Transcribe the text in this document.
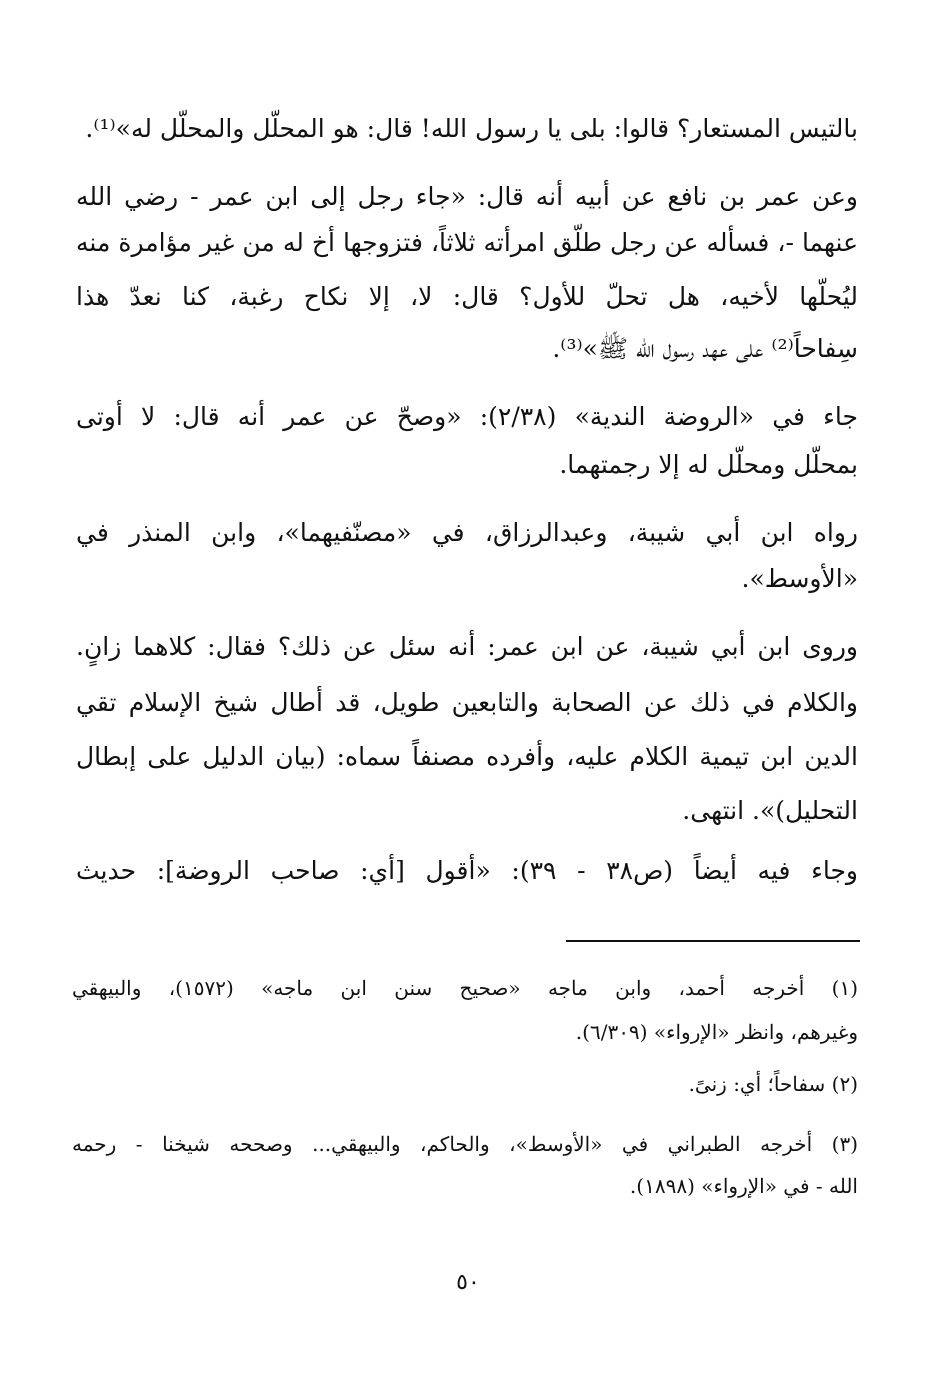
بالتيس المستعار؟ قالوا: بلى يا رسول الله! قال: هو المحلّل والمحلّل له»⁽¹⁾.
وعن عمر بن نافع عن أبيه أنه قال: «جاء رجل إلى ابن عمر - رضي الله
عنهما -، فسأله عن رجل طلّق امرأته ثلاثاً، فتزوجها أخ له من غير مؤامرة منه
ليُحلّها لأخيه، هل تحلّ للأول؟ قال: لا، إلا نكاح رغبة، كنا نعدّ هذا
سِفاحاً⁽²⁾ على عهد رسول الله ﷺ»⁽³⁾.
جاء في «الروضة الندية» (٢/٣٨): «وصحّ عن عمر أنه قال: لا أوتى
بمحلّل ومحلّل له إلا رجمتهما.
رواه ابن أبي شيبة، وعبدالرزاق، في «مصنّفيهما»، وابن المنذر في
«الأوسط».
وروى ابن أبي شيبة، عن ابن عمر: أنه سئل عن ذلك؟ فقال: كلاهما زانٍ.
والكلام في ذلك عن الصحابة والتابعين طويل، قد أطال شيخ الإسلام تقي
الدين ابن تيمية الكلام عليه، وأفرده مصنفاً سماه: (بيان الدليل على إبطال
التحليل)». انتهى.
وجاء فيه أيضاً (ص٣٨ - ٣٩): «أقول [أي: صاحب الروضة]: حديث
(١) أخرجه أحمد، وابن ماجه «صحيح سنن ابن ماجه» (١٥٧٢)، والبيهقي
وغيرهم، وانظر «الإرواء» (٦/٣٠٩).
(٢) سفاحاً؛ أي: زنىً.
(٣) أخرجه الطبراني في «الأوسط»، والحاكم، والبيهقي... وصححه شيخنا - رحمه
الله - في «الإرواء» (١٨٩٨).
٥٠
